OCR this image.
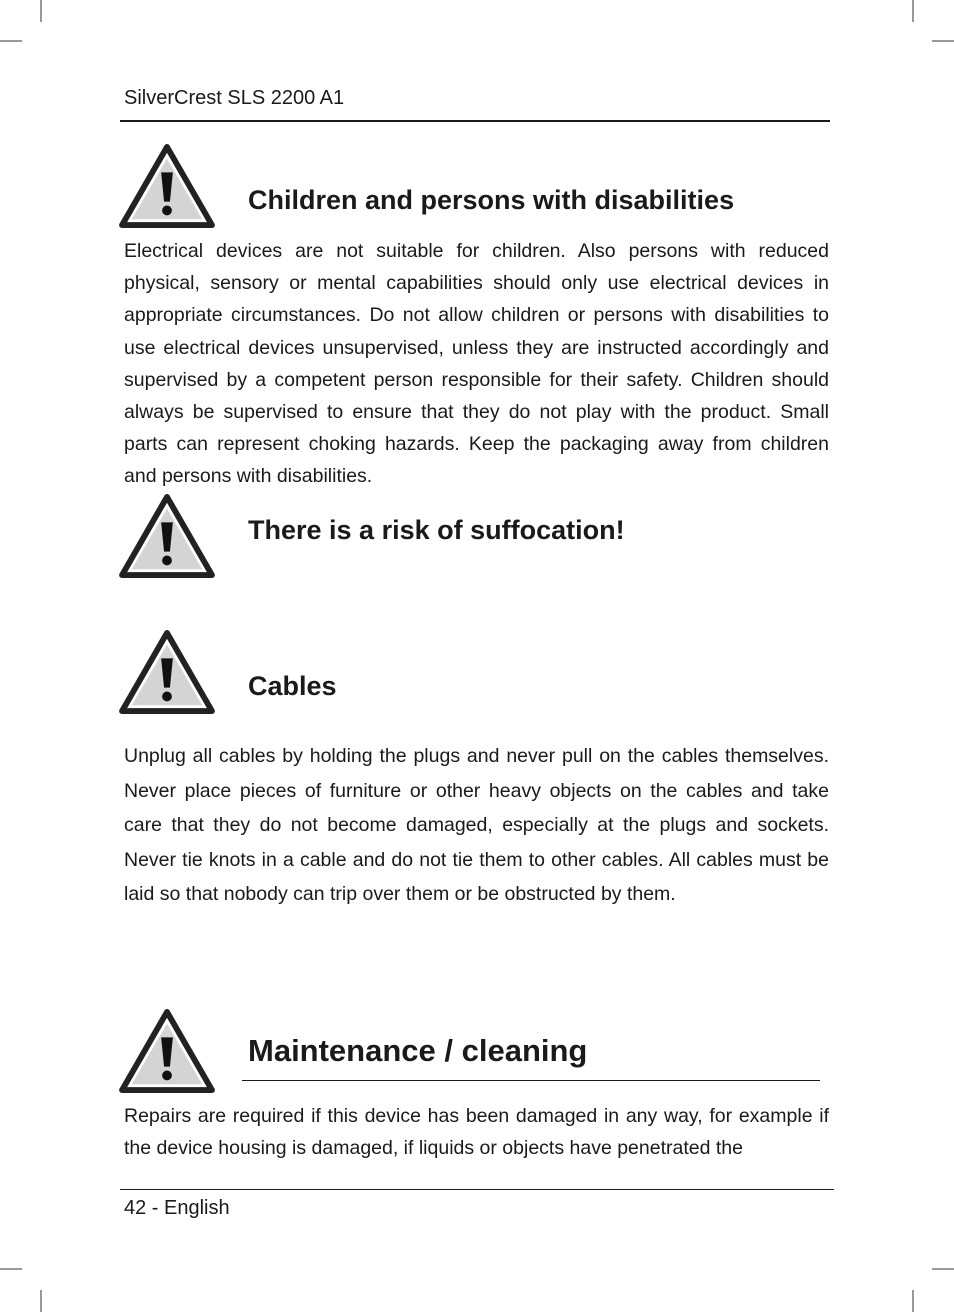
SilverCrest SLS 2200 A1
Children and persons with disabilities

Electrical devices are not suitable for children. Also persons with reduced physical, sensory or mental capabilities should only use electrical devices in appropriate circumstances. Do not allow children or persons with disabilities to use electrical devices unsupervised, unless they are instructed accordingly and supervised by a competent person responsible for their safety. Children should always be supervised to ensure that they do not play with the product. Small parts can represent choking hazards. Keep the packaging away from children and persons with disabilities.

There is a risk of suffocation!
Cables

Unplug all cables by holding the plugs and never pull on the cables themselves. Never place pieces of furniture or other heavy objects on the cables and take care that they do not become damaged, especially at the plugs and sockets. Never tie knots in a cable and do not tie them to other cables. All cables must be laid so that nobody can trip over them or be obstructed by them.

Maintenance / cleaning

Repairs are required if this device has been damaged in any way, for example if the device housing is damaged, if liquids or objects have penetrated the

42 - English
